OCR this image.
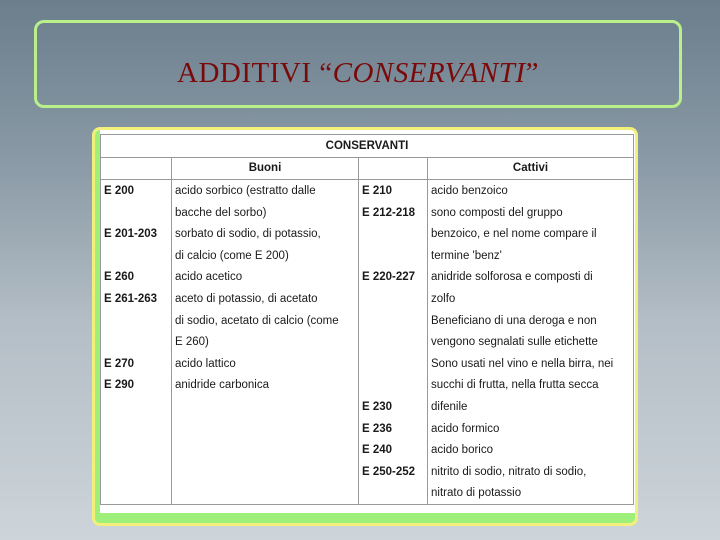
ADDITIVI “CONSERVANTI”
CONSERVANTI			
	Buoni		Cattivi
E 200	acido sorbico (estratto dalle	E 210	acido benzoico
	bacche del sorbo)	E 212-218	sono composti del gruppo
E 201-203	sorbato di sodio, di potassio,		benzoico, e nel nome compare il
	di calcio (come E 200)		termine 'benz'
E 260	acido acetico	E 220-227	anidride solforosa e composti di
E 261-263	aceto di potassio, di acetato		zolfo
	di sodio, acetato di calcio (come		Beneficiano di una deroga e non
	E 260)		vengono segnalati sulle etichette
E 270	acido lattico		Sono usati nel vino e nella birra, nei
E 290	anidride carbonica		succhi di frutta, nella frutta secca
		E 230	difenile
		E 236	acido formico
		E 240	acido borico
		E 250-252	nitrito di sodio, nitrato di sodio,
			nitrato di potassio
